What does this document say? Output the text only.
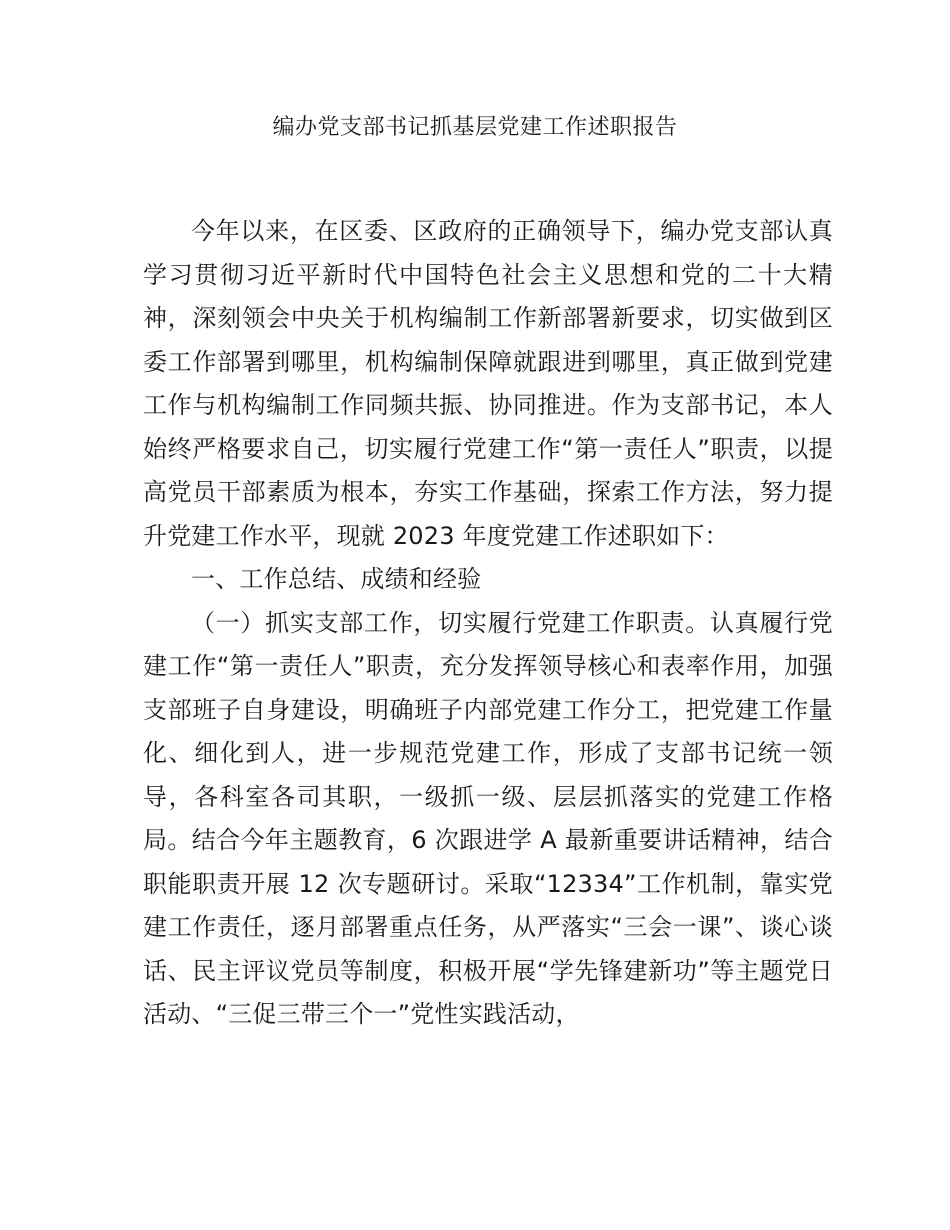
编办党支部书记抓基层党建工作述职报告

今年以来，在区委、区政府的正确领导下，编办党支部认真学习贯彻习近平新时代中国特色社会主义思想和党的二十大精神，深刻领会中央关于机构编制工作新部署新要求，切实做到区委工作部署到哪里，机构编制保障就跟进到哪里，真正做到党建工作与机构编制工作同频共振、协同推进。作为支部书记，本人始终严格要求自己，切实履行党建工作“第一责任人”职责，以提高党员干部素质为根本，夯实工作基础，探索工作方法，努力提升党建工作水平，现就 2023 年度党建工作述职如下：

一、工作总结、成绩和经验

（一）抓实支部工作，切实履行党建工作职责。认真履行党建工作“第一责任人”职责，充分发挥领导核心和表率作用，加强支部班子自身建设，明确班子内部党建工作分工，把党建工作量化、细化到人，进一步规范党建工作，形成了支部书记统一领导，各科室各司其职，一级抓一级、层层抓落实的党建工作格局。结合今年主题教育，6 次跟进学 A 最新重要讲话精神，结合职能职责开展 12 次专题研讨。采取“12334”工作机制，靠实党建工作责任，逐月部署重点任务，从严落实“三会一课”、谈心谈话、民主评议党员等制度，积极开展“学先锋建新功”等主题党日活动、“三促三带三个一”党性实践活动，
